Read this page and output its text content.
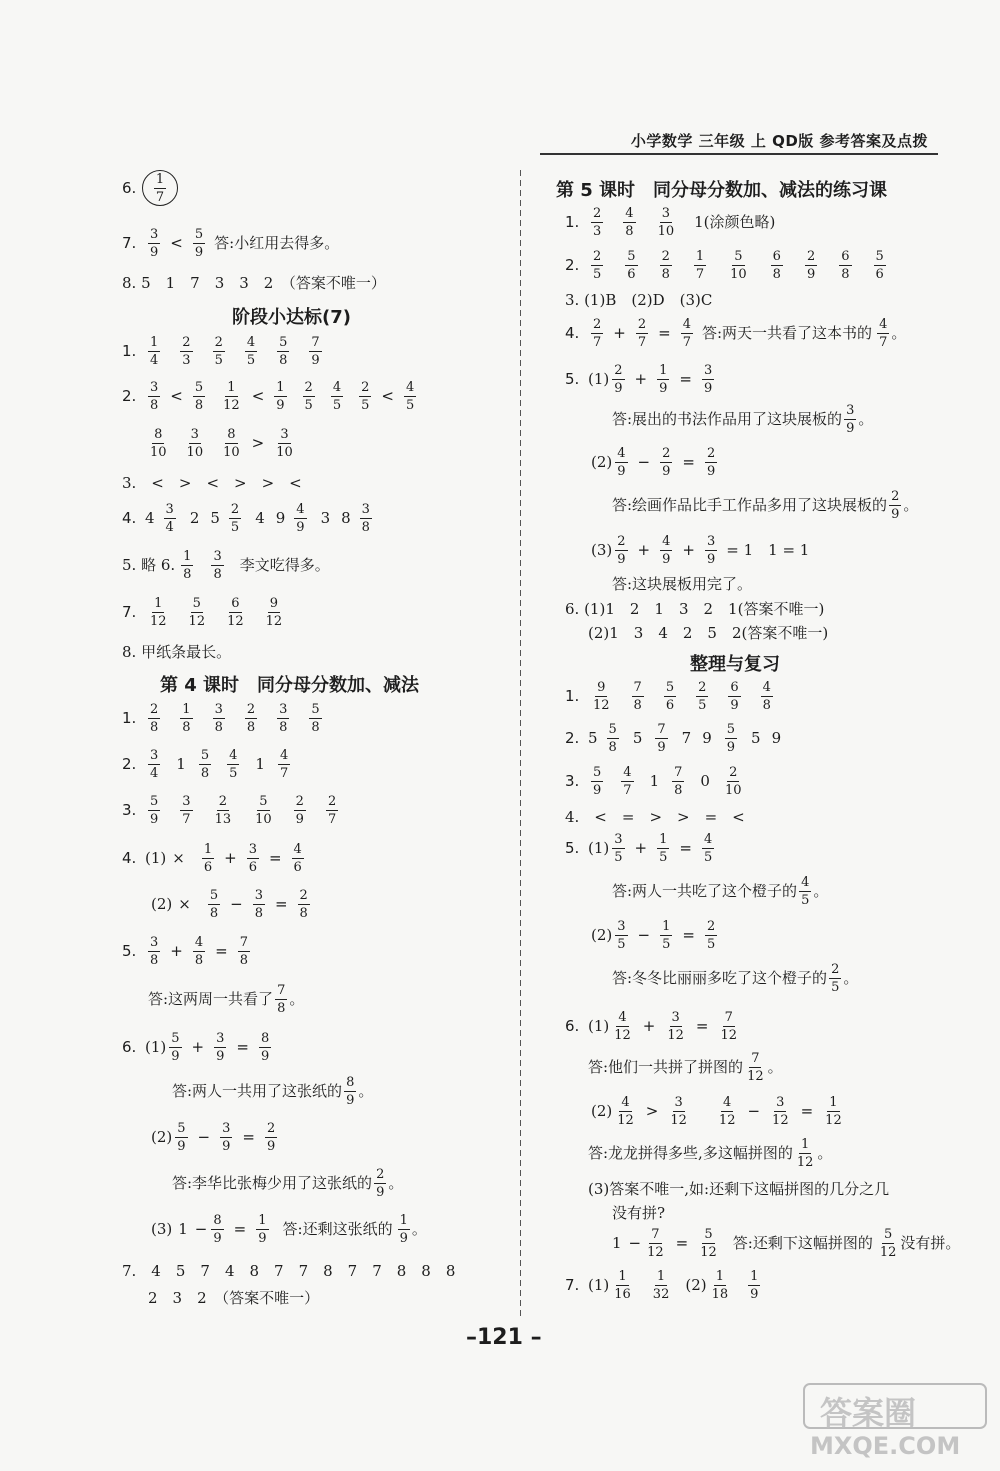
小学数学 三年级 上 QD版 参考答案及点拨
6.	$\frac{1}{7}$
7. $\frac{3}{9} < \frac{5}{9}$ 答:小红用去得多。
8. 5　1　7　3　3　2　（答案不唯一）
阶段小达标(7)
1. $\frac{1}{4} \frac{2}{3} \frac{2}{5} \frac{4}{5} \frac{5}{8} \frac{7}{9}$
2. $\frac{3}{8} < \frac{5}{8} \frac{1}{12} < \frac{1}{9} \frac{2}{5} \frac{4}{5} \frac{2}{5} < \frac{4}{5}$
$\frac{8}{10} \frac{3}{10} \frac{8}{10} > \frac{3}{10}$
3.　<　>　<　>　>　<
4. $4 \frac{3}{4} 2$ $5 \frac{2}{5} 4$ $9 \frac{4}{9} 3$ $8 \frac{3}{8}$
5. 略 6. $\frac{1}{8} \frac{3}{8}$ 李文吃得多。
7. $\frac{1}{12} \frac{5}{12} \frac{6}{12} \frac{9}{12}$
8. 甲纸条最长。
第 4 课时　同分母分数加、减法
1. $\frac{2}{8} \frac{1}{8} \frac{3}{8} \frac{2}{8} \frac{3}{8} \frac{5}{8}$
2. $\frac{3}{4} 1 \frac{5}{8} \frac{4}{5} 1 \frac{4}{7}$
3. $\frac{5}{9} \frac{3}{7} \frac{2}{13} \frac{5}{10} \frac{2}{9} \frac{2}{7}$
4. $(1) \times \frac{1}{6} + \frac{3}{6} = \frac{4}{6}$
$(2) \times \frac{5}{8} - \frac{3}{8} = \frac{2}{8}$
5. $\frac{3}{8} + \frac{4}{8} = \frac{7}{8}$
答:这两周一共看了 $\frac{7}{8}$ 。
6. $(1) \frac{5}{9} + \frac{3}{9} = \frac{8}{9}$
答:两人一共用了这张纸的 $\frac{8}{9}$ 。
$(2) \frac{5}{9} - \frac{3}{9} = \frac{2}{9}$
答:李华比张梅少用了这张纸的 $\frac{2}{9}$ 。
(3) $1 - \frac{8}{9} = \frac{1}{9}$ 答:还剩这张纸的 $\frac{1}{9}$ 。
7.　4　5　7　4　8　7　7　8　7　7　8　8　8
2　3　2　（答案不唯一）
第 5 课时　同分母分数加、减法的练习课
1. $\frac{2}{3} \frac{4}{8} \frac{3}{10} 1$(涂颜色略)
2. $\frac{2}{5} \frac{5}{6} \frac{2}{8} \frac{1}{7} \frac{5}{10} \frac{6}{8} \frac{2}{9} \frac{6}{8} \frac{5}{6}$
3. (1)B　(2)D　(3)C
4. $\frac{2}{7} + \frac{2}{7} = \frac{4}{7}$ 答:两天一共看了这本书的 $\frac{4}{7}$ 。
5. $(1) \frac{2}{9} + \frac{1}{9} = \frac{3}{9}$
答:展出的书法作品用了这块展板的 $\frac{3}{9}$ 。
$(2) \frac{4}{9} - \frac{2}{9} = \frac{2}{9}$
答:绘画作品比手工作品多用了这块展板的 $\frac{2}{9}$ 。
$(3) \frac{2}{9} + \frac{4}{9} + \frac{3}{9} = 1$　1 = 1
答:这块展板用完了。
6. (1)1　2　1　3　2　1(答案不唯一)
(2)1　3　4　2　5　2(答案不唯一)
整理与复习
1. $\frac{9}{12} \frac{7}{8} \frac{5}{6} \frac{2}{5} \frac{6}{9} \frac{4}{8}$
2. $5 \frac{5}{8} 5 \frac{7}{9} 7$ $9 \frac{5}{9} 5$ 9
3. $\frac{5}{9} \frac{4}{7} 1 \frac{7}{8} 0 \frac{2}{10}$
4.　<　=　>　>　=　<
5. $(1) \frac{3}{5} + \frac{1}{5} = \frac{4}{5}$
答:两人一共吃了这个橙子的 $\frac{4}{5}$ 。
$(2) \frac{3}{5} - \frac{1}{5} = \frac{2}{5}$
答:冬冬比丽丽多吃了这个橙子的 $\frac{2}{5}$ 。
6. $(1) \frac{4}{12} + \frac{3}{12} = \frac{7}{12}$
答:他们一共拼了拼图的 $\frac{7}{12}$ 。
$(2) \frac{4}{12} > \frac{3}{12} \frac{4}{12} - \frac{3}{12} = \frac{1}{12}$
答:龙龙拼得多些,多这幅拼图的 $\frac{1}{12}$ 。
(3)答案不唯一,如:还剩下这幅拼图的几分之几
没有拼?
$1 - \frac{7}{12} = \frac{5}{12}$ 答:还剩下这幅拼图的 $\frac{5}{12}$ 没有拼。
7. $(1) \frac{1}{16} \frac{1}{32} (2) \frac{1}{18} \frac{1}{9}$
–121 –
答案圈
MXQE.COM
